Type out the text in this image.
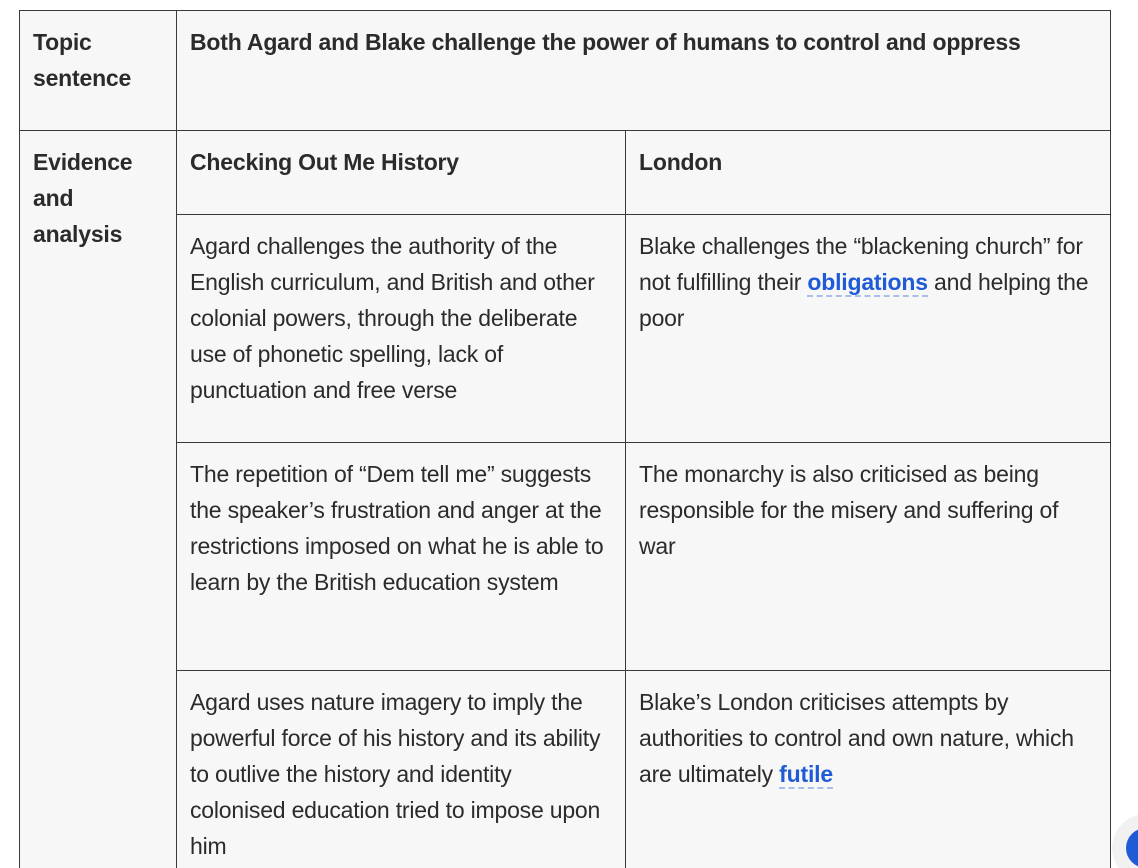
Topic sentence	Both Agard and Blake challenge the power of humans to control and oppress	
Evidence and analysis	Checking Out Me History	London
	Agard challenges the authority of the English curriculum, and British and other colonial powers, through the deliberate use of phonetic spelling, lack of punctuation and free verse	Blake challenges the “blackening church” for not fulfilling their obligations and helping the poor
	The repetition of “Dem tell me” suggests the speaker’s frustration and anger at the restrictions imposed on what he is able to learn by the British education system	The monarchy is also criticised as being responsible for the misery and suffering of war
	Agard uses nature imagery to imply the powerful force of his history and its ability to outlive the history and identity colonised education tried to impose upon him	Blake’s London criticises attempts by authorities to control and own nature, which are ultimately futile
